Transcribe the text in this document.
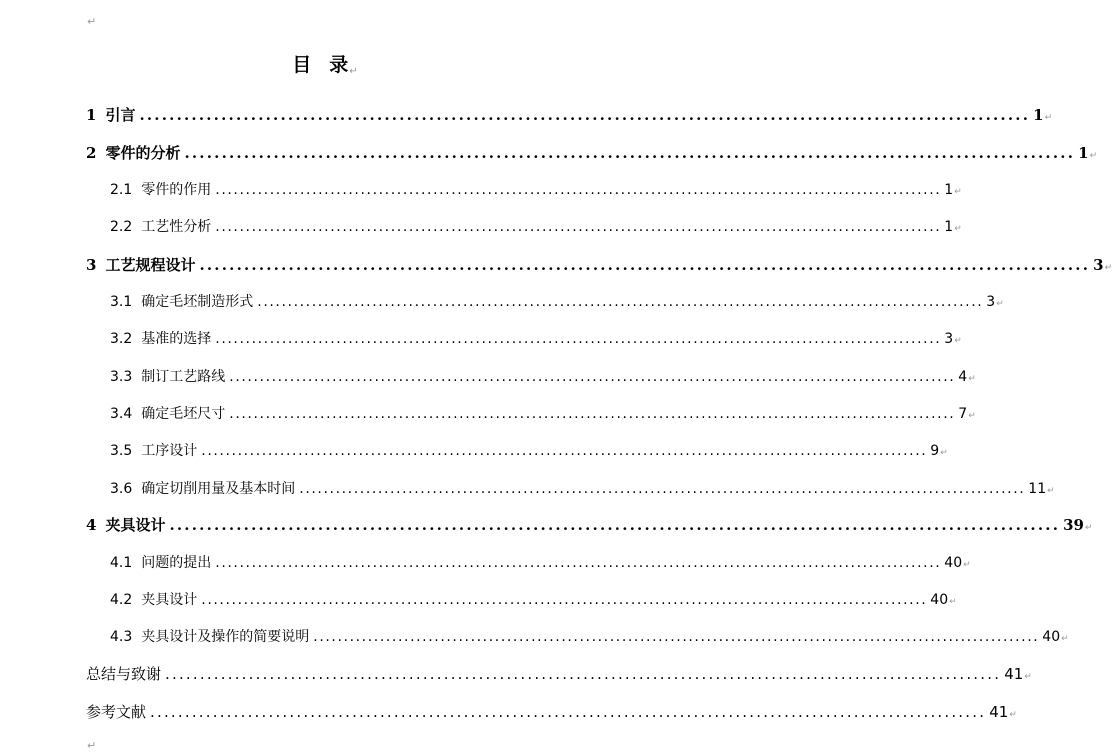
↵
目 录↵
1 引言 ........................................................................................................................ 1 ↵
2 零件的分析 ........................................................................................................................ 1 ↵
2.1 零件的作用 ........................................................................................................................ 1 ↵
2.2 工艺性分析 ........................................................................................................................ 1 ↵
3 工艺规程设计 ........................................................................................................................ 3 ↵
3.1 确定毛坯制造形式 ........................................................................................................................ 3 ↵
3.2 基准的选择 ........................................................................................................................ 3 ↵
3.3 制订工艺路线 ........................................................................................................................ 4 ↵
3.4 确定毛坯尺寸 ........................................................................................................................ 7 ↵
3.5 工序设计 ........................................................................................................................ 9 ↵
3.6 确定切削用量及基本时间 ........................................................................................................................ 11 ↵
4 夹具设计 ........................................................................................................................ 39 ↵
4.1 问题的提出 ........................................................................................................................ 40 ↵
4.2 夹具设计 ........................................................................................................................ 40 ↵
4.3 夹具设计及操作的简要说明 ........................................................................................................................ 40 ↵
总结与致谢 ........................................................................................................................ 41 ↵
参考文献 ........................................................................................................................ 41 ↵
↵
